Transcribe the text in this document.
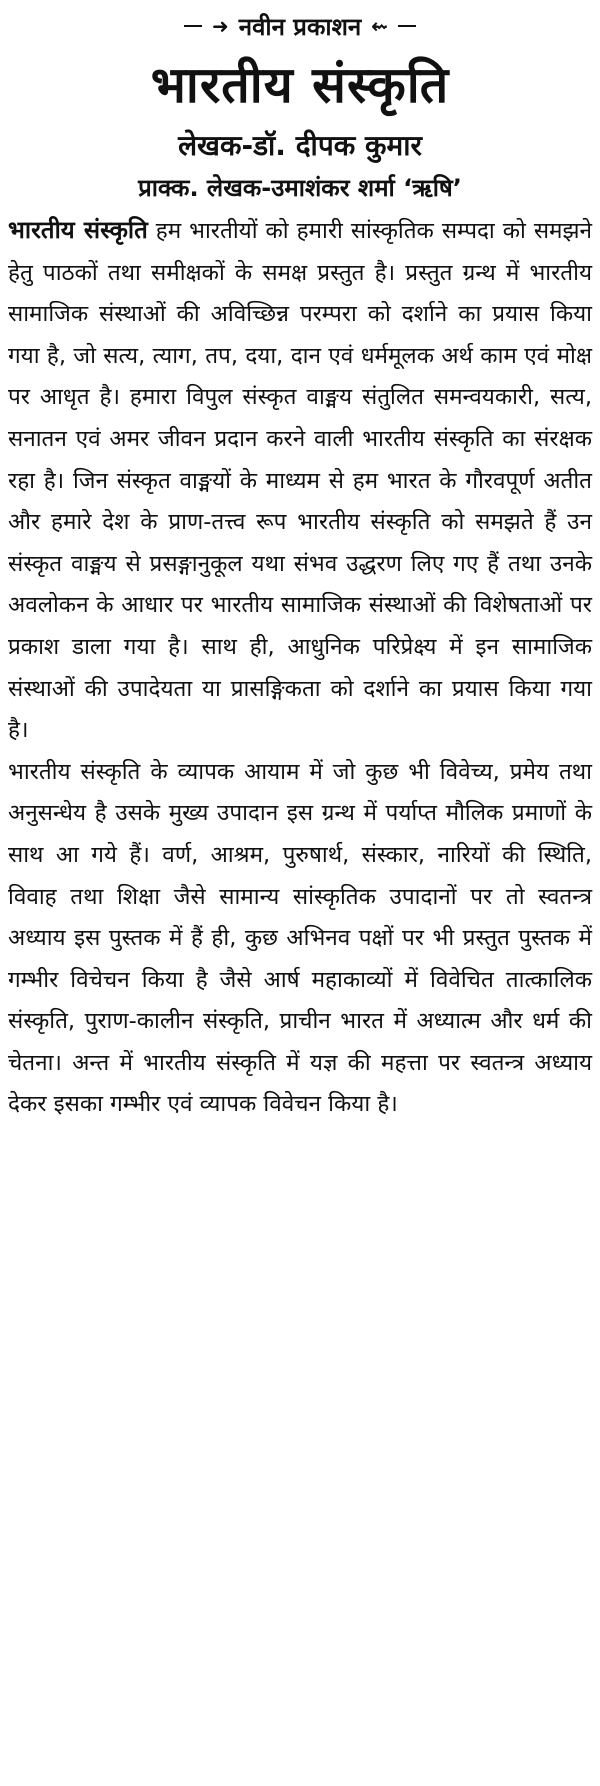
➜ नवीन प्रकाशन ⇜
भारतीय संस्कृति

लेखक-डॉ. दीपक कुमार

प्राक्क. लेखक-उमाशंकर शर्मा ‘ऋषि’

भारतीय संस्कृति हम भारतीयों को हमारी सांस्कृतिक सम्पदा को समझने हेतु पाठकों तथा समीक्षकों के समक्ष प्रस्तुत है। प्रस्तुत ग्रन्थ में भारतीय सामाजिक संस्थाओं की अविच्छिन्न परम्परा को दर्शाने का प्रयास किया गया है, जो सत्य, त्याग, तप, दया, दान एवं धर्ममूलक अर्थ काम एवं मोक्ष पर आधृत है। हमारा विपुल संस्कृत वाङ्मय संतुलित समन्वयकारी, सत्य, सनातन एवं अमर जीवन प्रदान करने वाली भारतीय संस्कृति का संरक्षक रहा है। जिन संस्कृत वाङ्मयों के माध्यम से हम भारत के गौरवपूर्ण अतीत और हमारे देश के प्राण-तत्त्व रूप भारतीय संस्कृति को समझते हैं उन संस्कृत वाङ्मय से प्रसङ्गानुकूल यथा संभव उद्धरण लिए गए हैं तथा उनके अवलोकन के आधार पर भारतीय सामाजिक संस्थाओं की विशेषताओं पर प्रकाश डाला गया है। साथ ही, आधुनिक परिप्रेक्ष्य में इन सामाजिक संस्थाओं की उपादेयता या प्रासङ्गिकता को दर्शाने का प्रयास किया गया है।

भारतीय संस्कृति के व्यापक आयाम में जो कुछ भी विवेच्य, प्रमेय तथा अनुसन्धेय है उसके मुख्य उपादान इस ग्रन्थ में पर्याप्त मौलिक प्रमाणों के साथ आ गये हैं। वर्ण, आश्रम, पुरुषार्थ, संस्कार, नारियों की स्थिति, विवाह तथा शिक्षा जैसे सामान्य सांस्कृतिक उपादानों पर तो स्वतन्त्र अध्याय इस पुस्तक में हैं ही, कुछ अभिनव पक्षों पर भी प्रस्तुत पुस्तक में गम्भीर विचेचन किया है जैसे आर्ष महाकाव्यों में विवेचित तात्कालिक संस्कृति, पुराण-कालीन संस्कृति, प्राचीन भारत में अध्यात्म और धर्म की चेतना। अन्त में भारतीय संस्कृति में यज्ञ की महत्ता पर स्वतन्त्र अध्याय देकर इसका गम्भीर एवं व्यापक विवेचन किया है।
